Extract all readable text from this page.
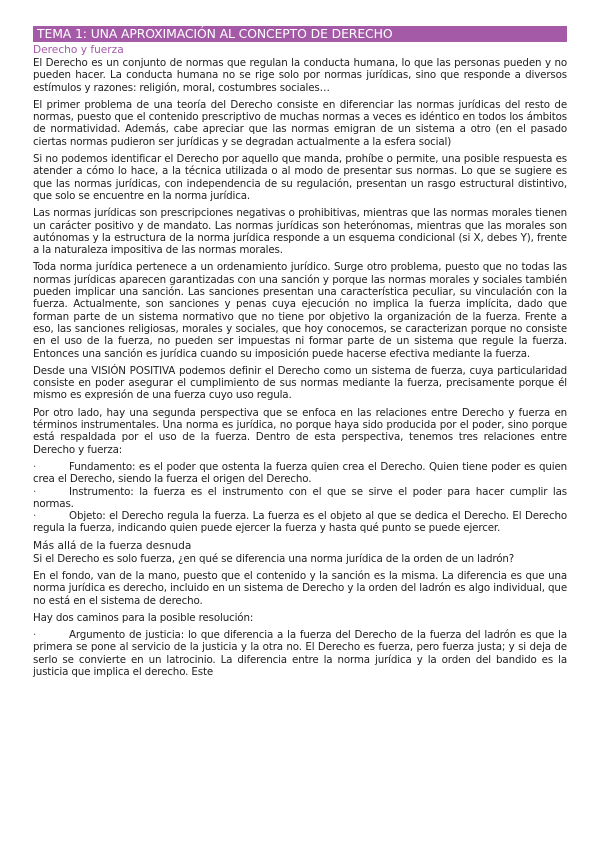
TEMA 1: UNA APROXIMACIÓN AL CONCEPTO DE DERECHO
Derecho y fuerza

El Derecho es un conjunto de normas que regulan la conducta humana, lo que las personas pueden y no pueden hacer. La conducta humana no se rige solo por normas jurídicas, sino que responde a diversos estímulos y razones: religión, moral, costumbres sociales…

El primer problema de una teoría del Derecho consiste en diferenciar las normas jurídicas del resto de normas, puesto que el contenido prescriptivo de muchas normas a veces es idéntico en todos los ámbitos de normatividad. Además, cabe apreciar que las normas emigran de un sistema a otro (en el pasado ciertas normas pudieron ser jurídicas y se degradan actualmente a la esfera social)

Si no podemos identificar el Derecho por aquello que manda, prohíbe o permite, una posible respuesta es atender a cómo lo hace, a la técnica utilizada o al modo de presentar sus normas. Lo que se sugiere es que las normas jurídicas, con independencia de su regulación, presentan un rasgo estructural distintivo, que solo se encuentre en la norma jurídica.

Las normas jurídicas son prescripciones negativas o prohibitivas, mientras que las normas morales tienen un carácter positivo y de mandato. Las normas jurídicas son heterónomas, mientras que las morales son autónomas y la estructura de la norma jurídica responde a un esquema condicional (si X, debes Y), frente a la naturaleza impositiva de las normas morales.

Toda norma jurídica pertenece a un ordenamiento jurídico. Surge otro problema, puesto que no todas las normas jurídicas aparecen garantizadas con una sanción y porque las normas morales y sociales también pueden implicar una sanción. Las sanciones presentan una característica peculiar, su vinculación con la fuerza. Actualmente, son sanciones y penas cuya ejecución no implica la fuerza implícita, dado que forman parte de un sistema normativo que no tiene por objetivo la organización de la fuerza. Frente a eso, las sanciones religiosas, morales y sociales, que hoy conocemos, se caracterizan porque no consiste en el uso de la fuerza, no pueden ser impuestas ni formar parte de un sistema que regule la fuerza. Entonces una sanción es jurídica cuando su imposición puede hacerse efectiva mediante la fuerza.

Desde una VISIÓN POSITIVA podemos definir el Derecho como un sistema de fuerza, cuya particularidad consiste en poder asegurar el cumplimiento de sus normas mediante la fuerza, precisamente porque él mismo es expresión de una fuerza cuyo uso regula.

Por otro lado, hay una segunda perspectiva que se enfoca en las relaciones entre Derecho y fuerza en términos instrumentales. Una norma es jurídica, no porque haya sido producida por el poder, sino porque está respaldada por el uso de la fuerza. Dentro de esta perspectiva, tenemos tres relaciones entre Derecho y fuerza:

·	Fundamento: es el poder que ostenta la fuerza quien crea el Derecho. Quien tiene poder es quien crea el Derecho, siendo la fuerza el origen del Derecho.

·	Instrumento: la fuerza es el instrumento con el que se sirve el poder para hacer cumplir las normas.

·	Objeto: el Derecho regula la fuerza. La fuerza es el objeto al que se dedica el Derecho. El Derecho regula la fuerza, indicando quien puede ejercer la fuerza y hasta qué punto se puede ejercer.

Más allá de la fuerza desnuda

Si el Derecho es solo fuerza, ¿en qué se diferencia una norma jurídica de la orden de un ladrón?

En el fondo, van de la mano, puesto que el contenido y la sanción es la misma. La diferencia es que una norma jurídica es derecho, incluido en un sistema de Derecho y la orden del ladrón es algo individual, que no está en el sistema de derecho.

Hay dos caminos para la posible resolución:

·	Argumento de justicia: lo que diferencia a la fuerza del Derecho de la fuerza del ladrón es que la primera se pone al servicio de la justicia y la otra no. El Derecho es fuerza, pero fuerza justa; y si deja de serlo se convierte en un latrocinio. La diferencia entre la norma jurídica y la orden del bandido es la justicia que implica el derecho. Este
